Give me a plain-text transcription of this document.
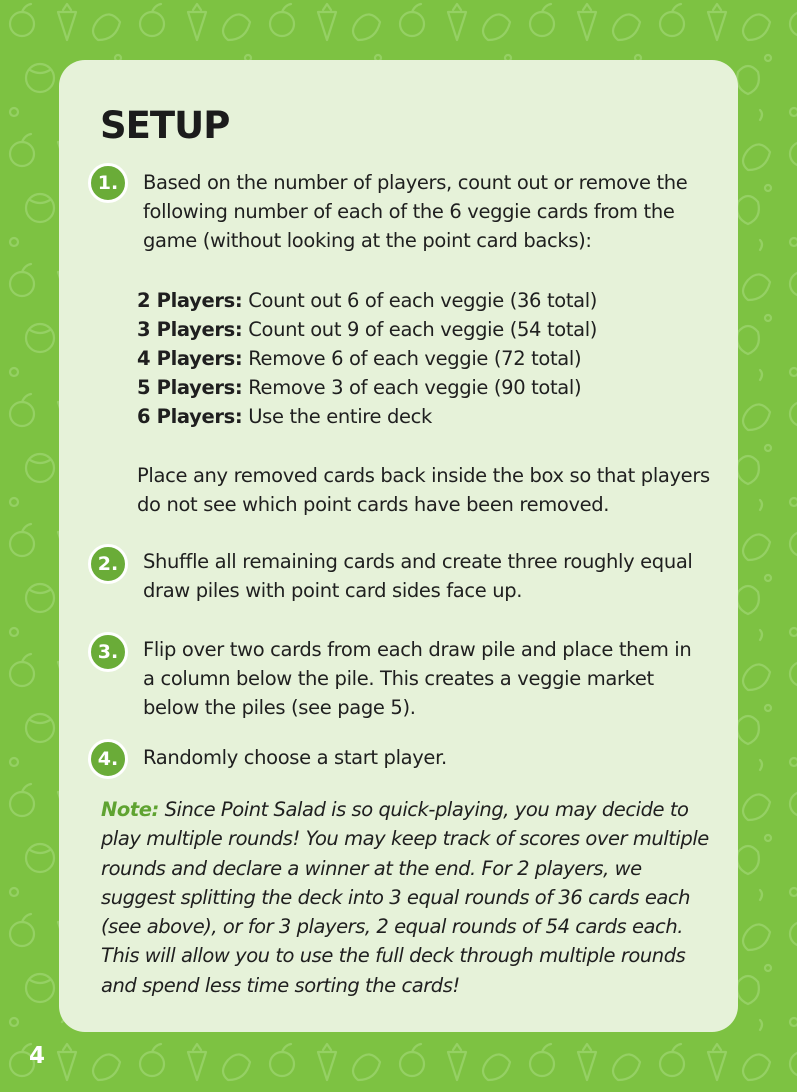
SETUP
1.	Based on the number of players, count out or remove the following number of each of the 6 veggie cards from the game (without looking at the point card backs):
2 Players: Count out 6 of each veggie (36 total)
3 Players: Count out 9 of each veggie (54 total)
4 Players: Remove 6 of each veggie (72 total)
5 Players: Remove 3 of each veggie (90 total)
6 Players: Use the entire deck
Place any removed cards back inside the box so that players do not see which point cards have been removed.
2.	Shuffle all remaining cards and create three roughly equal draw piles with point card sides face up.
3.	Flip over two cards from each draw pile and place them in a column below the pile. This creates a veggie market below the piles (see page 5).
4.	Randomly choose a start player.
Note: Since Point Salad is so quick-playing, you may decide to play multiple rounds! You may keep track of scores over multiple rounds and declare a winner at the end. For 2 players, we suggest splitting the deck into 3 equal rounds of 36 cards each (see above), or for 3 players, 2 equal rounds of 54 cards each. This will allow you to use the full deck through multiple rounds and spend less time sorting the cards!
4
